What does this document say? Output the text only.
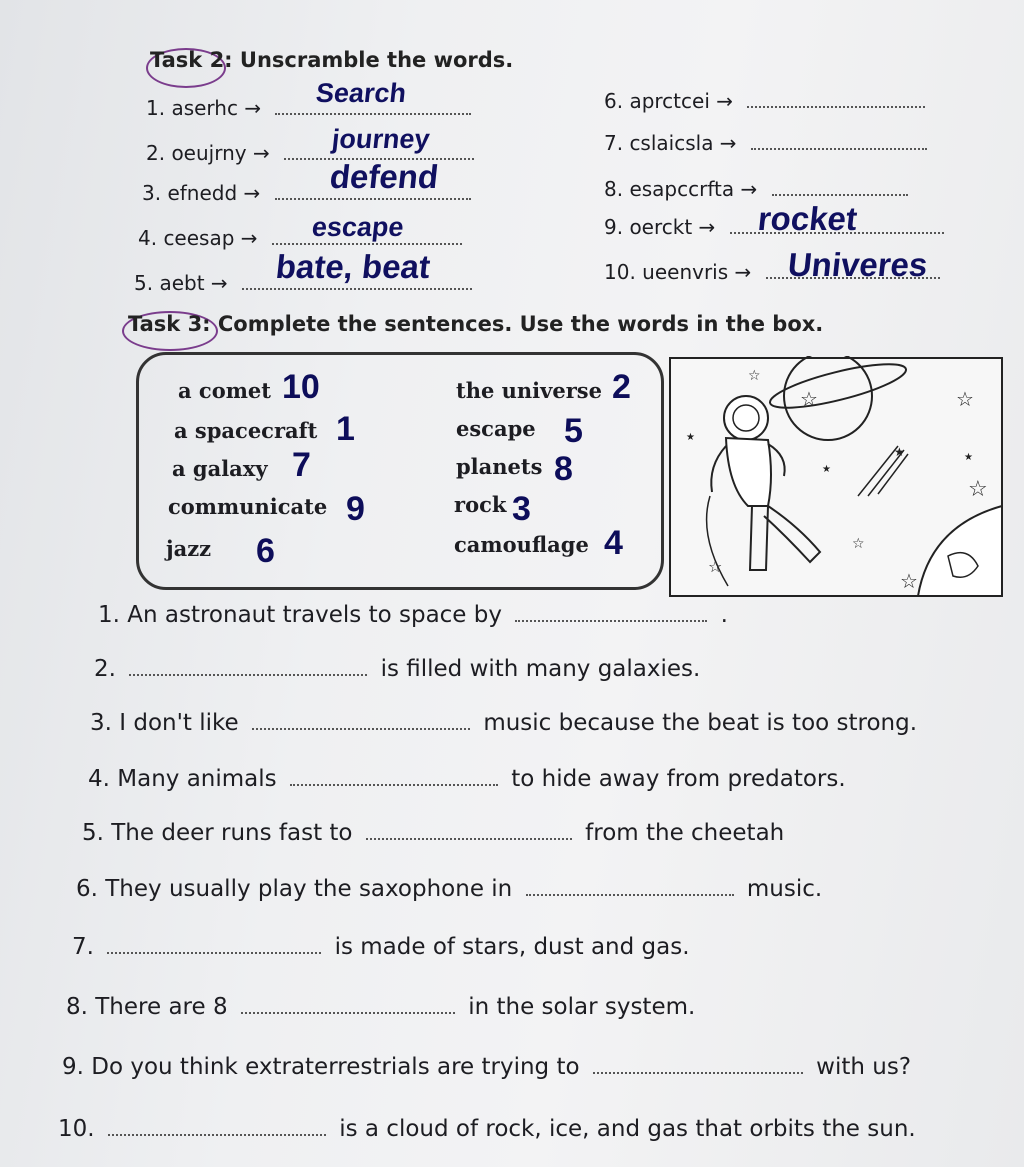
Task 2: Unscramble the words.
1. aserhc →	Search
2. oeujrny →	journey
3. efnedd →	defend
4. ceesap →	escape
5. aebt →	bate, beat
6. aprctcei →
7. cslaicsla →
8. esapccrfta →
9. oerckt →	rocket
10. ueenvris →	Univeres
Task 3: Complete the sentences. Use the words in the box.
a comet 10
a spacecraft 1
a galaxy 7
communicate 9
jazz 6
the universe 2
escape 5
planets 8
rock 3
camouflage 4
☆
☆	☆
☆
☆
☆
☆
★
★
★
★
1. An astronaut travels to space by	.
2.	is filled with many galaxies.
3. I don't like	music because the beat is too strong.
4. Many animals	to hide away from predators.
5. The deer runs fast to	from the cheetah
6. They usually play the saxophone in	music.
7.	is made of stars, dust and gas.
8. There are 8	in the solar system.
9. Do you think extraterrestrials are trying to	with us?
10.	is a cloud of rock, ice, and gas that orbits the sun.
